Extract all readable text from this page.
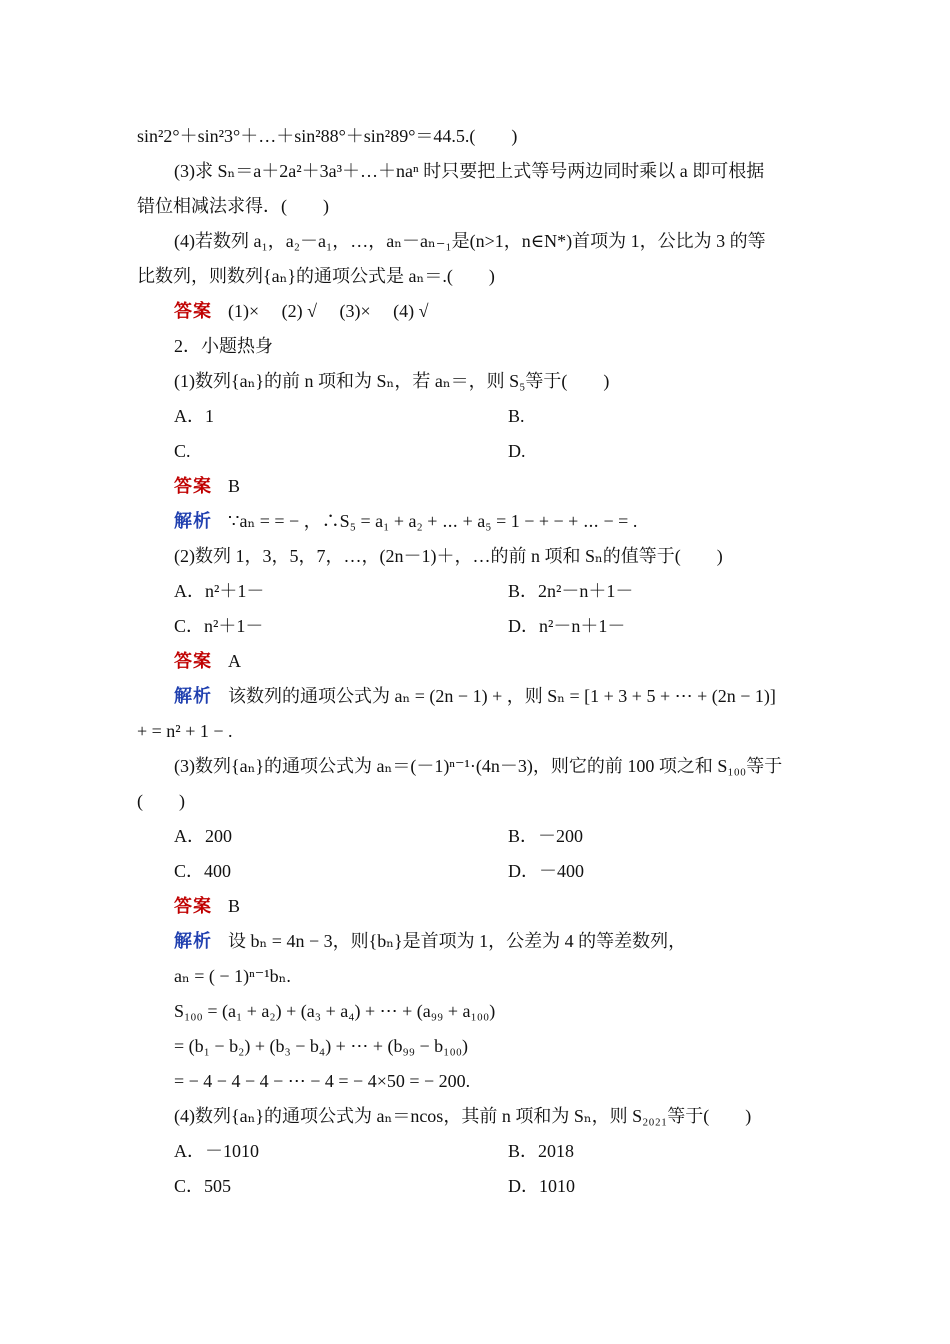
sin²2°＋sin²3°＋…＋sin²88°＋sin²89°＝44.5.(　　)
(3)求 Sₙ＝a＋2a²＋3a³＋…＋naⁿ 时只要把上式等号两边同时乘以 a 即可根据
错位相减法求得．(　　)
(4)若数列 a₁，a₂－a₁，…，aₙ－aₙ₋₁是(n>1，n∈N*)首项为 1，公比为 3 的等
比数列，则数列{aₙ}的通项公式是 aₙ＝.(　　)
答案 (1)×　 (2) √　 (3)×　 (4) √
2．小题热身
(1)数列{aₙ}的前 n 项和为 Sₙ，若 aₙ＝，则 S₅等于(　　)
A．1	B.
C.	D.
答案 B
解析 ∵aₙ = = − ，∴S₅ = a₁ + a₂ + ⋯ + a₅ = 1 − + − + ⋯ − = .
(2)数列 1，3，5，7，…，(2n－1)＋，…的前 n 项和 Sₙ的值等于(　　)
A．n²＋1－	B．2n²－n＋1－
C．n²＋1－	D．n²－n＋1－
答案 A
解析 该数列的通项公式为 aₙ = (2n − 1) + ，则 Sₙ = [1 + 3 + 5 + ⋯ + (2n − 1)]
+ = n² + 1 − .
(3)数列{aₙ}的通项公式为 aₙ＝(－1)ⁿ⁻¹·(4n－3)，则它的前 100 项之和 S₁₀₀等于
(　　)
A．200	B．－200
C．400	D．－400
答案 B
解析 设 bₙ = 4n − 3，则{bₙ}是首项为 1，公差为 4 的等差数列，
aₙ = ( − 1)ⁿ⁻¹bₙ.
S₁₀₀ = (a₁ + a₂) + (a₃ + a₄) + ⋯ + (a₉₉ + a₁₀₀)
= (b₁ − b₂) + (b₃ − b₄) + ⋯ + (b₉₉ − b₁₀₀)
= − 4 − 4 − 4 − ⋯ − 4 = − 4×50 = − 200.
(4)数列{aₙ}的通项公式为 aₙ＝ncos，其前 n 项和为 Sₙ，则 S₂₀₂₁等于(　　)
A．－1010	B．2018
C．505	D．1010
